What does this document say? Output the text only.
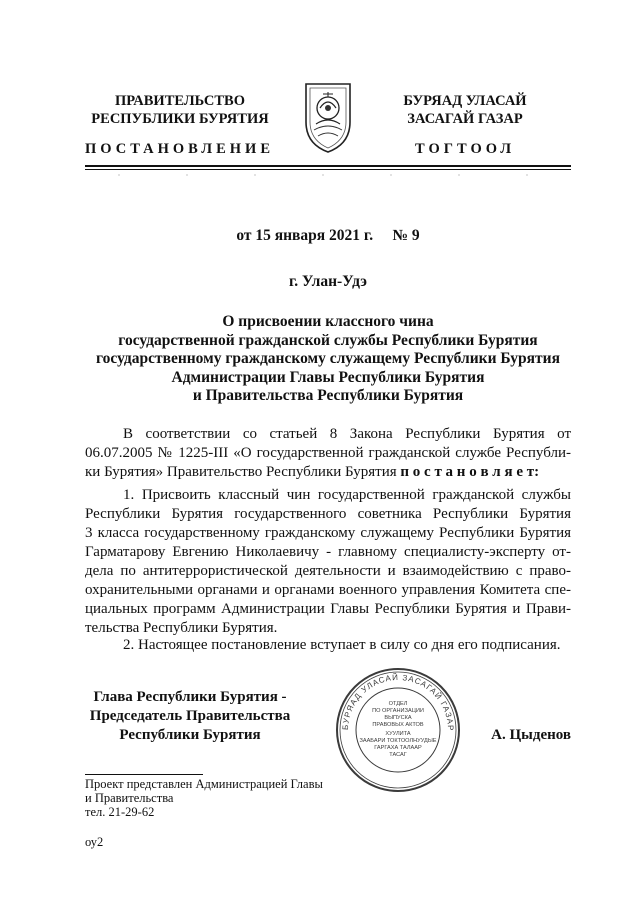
ПРАВИТЕЛЬСТВО
РЕСПУБЛИКИ БУРЯТИЯ
БУРЯАД УЛАСАЙ
ЗАСАГАЙ ГАЗАР
ПОСТАНОВЛЕНИЕ	ТОГТООЛ
от 15 января 2021 г.     № 9
г. Улан-Удэ
О присвоении классного чина
государственной гражданской службы Республики Бурятия
государственному гражданскому служащему Республики Бурятия
Администрации Главы Республики Бурятия
и Правительства Республики Бурятия
В соответствии со статьей 8 Закона Республики Бурятия от
06.07.2005 № 1225-III «О государственной гражданской службе Республи-
ки Бурятия» Правительство Республики Бурятия п о с т а н о в л я е т:
1. Присвоить классный чин государственной гражданской службы
Республики Бурятия государственного советника Республики Бурятия
3 класса государственному гражданскому служащему Республики Бурятия
Гарматарову Евгению Николаевичу - главному специалисту-эксперту от-
дела по антитеррористической деятельности и взаимодействию с право-
охранительными органами и органами военного управления Комитета спе-
циальных программ Администрации Главы Республики Бурятия и Прави-
тельства Республики Бурятия.
2. Настоящее постановление вступает в силу со дня его подписания.
Глава Республики Бурятия -
Председатель Правительства
Республики Бурятия
БУРЯАД УЛАСАЙ ЗАСАГАЙ ГАЗАР
ОТДЕЛ
ПО ОРГАНИЗАЦИИ
ВЫПУСКА
ПРАВОВЫХ АКТОВ
ХУУЛИТА
ЗААБАРИ ТОКТООЛНУУДЫЕ
ГАРГАХА ТАЛААР
ТАСАГ
А. Цыденов
Проект представлен Администрацией Главы
и Правительства
тел. 21-29-62
оу2
